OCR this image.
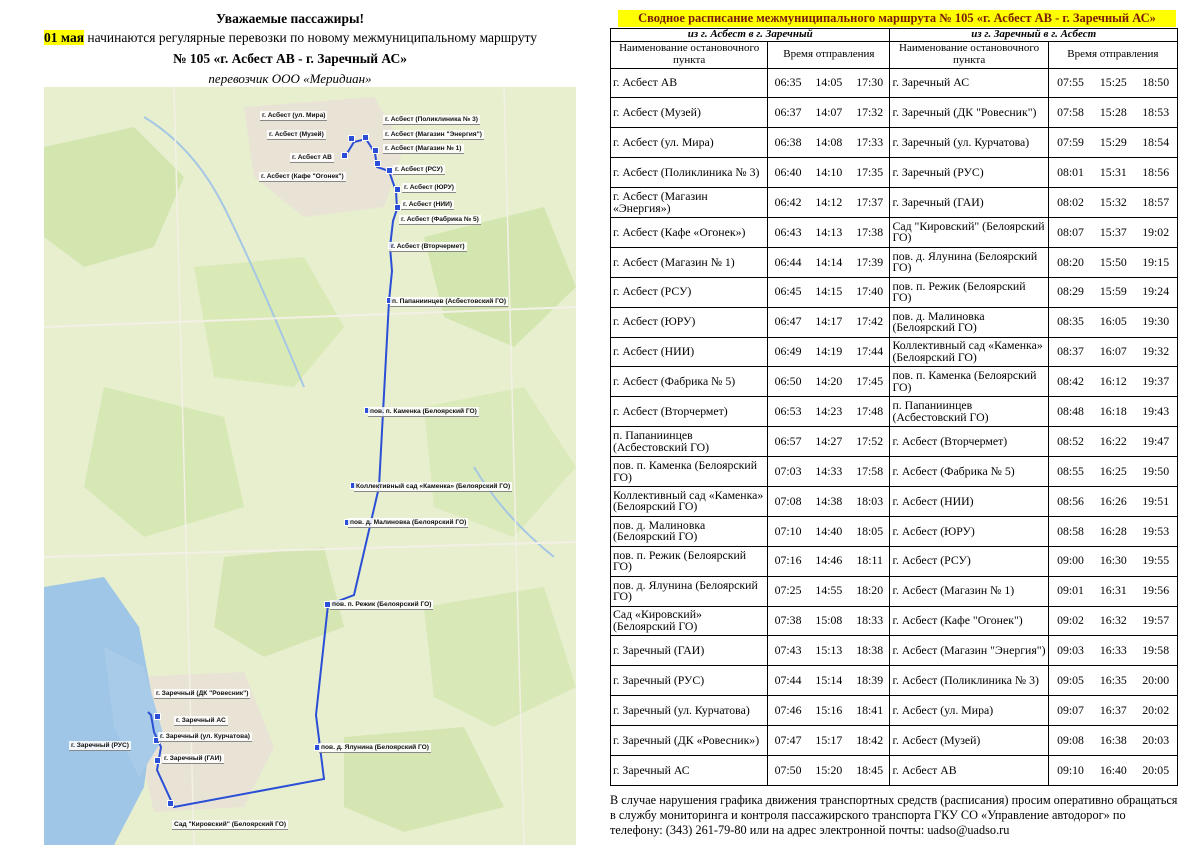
Уважаемые пассажиры!
01 мая начинаются регулярные перевозки по новому межмуниципальному маршруту
№ 105 «г. Асбест АВ - г. Заречный АС»
перевозчик ООО «Меридиан»
г. Асбест (ул. Мира)
г. Асбест (Музей)
г. Асбест АВ
г. Асбест (Поликлиника № 3)
г. Асбест (Магазин "Энергия")
г. Асбест (Магазин № 1)
г. Асбест (Кафе "Огонек")
г. Асбест (РСУ)
г. Асбест (ЮРУ)
г. Асбест (НИИ)
г. Асбест (Фабрика № 5)
г. Асбест (Вторчермет)
п. Папаниинцев (Асбестовский ГО)
пов. п. Каменка (Белоярский ГО)
Коллективный сад «Каменка» (Белоярский ГО)
пов. д. Малиновка (Белоярский ГО)
пов. п. Режик (Белоярский ГО)
г. Заречный (ДК "Ровесник")
г. Заречный АС
г. Заречный (ул. Курчатова)
г. Заречный (РУС)
г. Заречный (ГАИ)
пов. д. Ялунина (Белоярский ГО)
Сад "Кировский" (Белоярский ГО)
Сводное расписание межмуниципального маршрута № 105 «г. Асбест АВ - г. Заречный АС»
из г. Асбест в г. Заречный				из г. Заречный в г. Асбест			
Наименование остановочного пункта	Время отправления			Наименование остановочного пункта	Время отправления		
г. Асбест АВ	06:35	14:05	17:30	г. Заречный АС	07:55	15:25	18:50
г. Асбест (Музей)	06:37	14:07	17:32	г. Заречный (ДК "Ровесник")	07:58	15:28	18:53
г. Асбест (ул. Мира)	06:38	14:08	17:33	г. Заречный (ул. Курчатова)	07:59	15:29	18:54
г. Асбест (Поликлиника № 3)	06:40	14:10	17:35	г. Заречный (РУС)	08:01	15:31	18:56
г. Асбест (Магазин «Энергия»)	06:42	14:12	17:37	г. Заречный (ГАИ)	08:02	15:32	18:57
г. Асбест (Кафе «Огонек»)	06:43	14:13	17:38	Сад "Кировский" (Белоярский ГО)	08:07	15:37	19:02
г. Асбест (Магазин № 1)	06:44	14:14	17:39	пов. д. Ялунина (Белоярский ГО)	08:20	15:50	19:15
г. Асбест (РСУ)	06:45	14:15	17:40	пов. п. Режик (Белоярский ГО)	08:29	15:59	19:24
г. Асбест (ЮРУ)	06:47	14:17	17:42	пов. д. Малиновка (Белоярский ГО)	08:35	16:05	19:30
г. Асбест (НИИ)	06:49	14:19	17:44	Коллективный сад «Каменка» (Белоярский ГО)	08:37	16:07	19:32
г. Асбест (Фабрика № 5)	06:50	14:20	17:45	пов. п. Каменка (Белоярский ГО)	08:42	16:12	19:37
г. Асбест (Вторчермет)	06:53	14:23	17:48	п. Папаниинцев (Асбестовский ГО)	08:48	16:18	19:43
п. Папаниинцев (Асбестовский ГО)	06:57	14:27	17:52	г. Асбест (Вторчермет)	08:52	16:22	19:47
пов. п. Каменка (Белоярский ГО)	07:03	14:33	17:58	г. Асбест (Фабрика № 5)	08:55	16:25	19:50
Коллективный сад «Каменка» (Белоярский ГО)	07:08	14:38	18:03	г. Асбест (НИИ)	08:56	16:26	19:51
пов. д. Малиновка (Белоярский ГО)	07:10	14:40	18:05	г. Асбест (ЮРУ)	08:58	16:28	19:53
пов. п. Режик (Белоярский ГО)	07:16	14:46	18:11	г. Асбест (РСУ)	09:00	16:30	19:55
пов. д. Ялунина (Белоярский ГО)	07:25	14:55	18:20	г. Асбест (Магазин № 1)	09:01	16:31	19:56
Сад «Кировский» (Белоярский ГО)	07:38	15:08	18:33	г. Асбест (Кафе "Огонек")	09:02	16:32	19:57
г. Заречный (ГАИ)	07:43	15:13	18:38	г. Асбест (Магазин "Энергия")	09:03	16:33	19:58
г. Заречный (РУС)	07:44	15:14	18:39	г. Асбест (Поликлиника № 3)	09:05	16:35	20:00
г. Заречный (ул. Курчатова)	07:46	15:16	18:41	г. Асбест (ул. Мира)	09:07	16:37	20:02
г. Заречный (ДК «Ровесник»)	07:47	15:17	18:42	г. Асбест (Музей)	09:08	16:38	20:03
г. Заречный АС	07:50	15:20	18:45	г. Асбест АВ	09:10	16:40	20:05
В случае нарушения графика движения транспортных средств (расписания) просим оперативно обращаться в службу мониторинга и контроля пассажирского транспорта ГКУ СО «Управление автодорог» по телефону: (343) 261-79-80 или на адрес электронной почты: uadso@uadso.ru
